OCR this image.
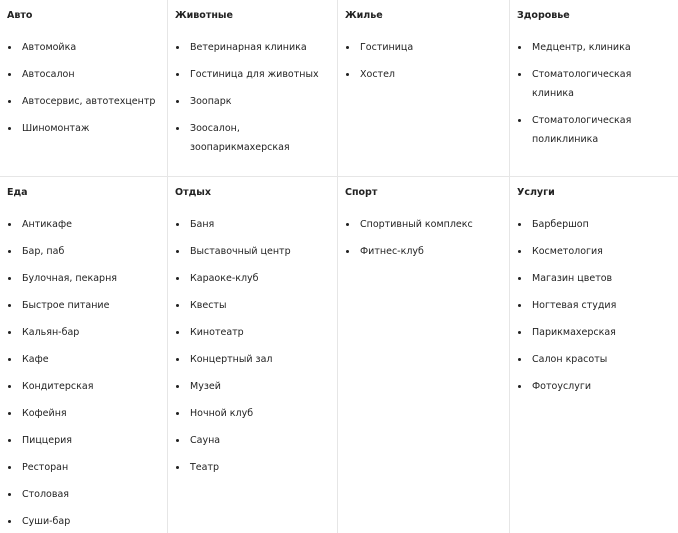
Авто
Автомойка
Автосалон
Автосервис, автотехцентр
Шиномонтаж
Животные
Ветеринарная клиника
Гостиница для животных
Зоопарк
Зоосалон, зоопарикмахерская
Жилье
Гостиница
Хостел
Здоровье
Медцентр, клиника
Стоматологическая клиника
Стоматологическая поликлиника
Еда
Антикафе
Бар, паб
Булочная, пекарня
Быстрое питание
Кальян-бар
Кафе
Кондитерская
Кофейня
Пиццерия
Ресторан
Столовая
Суши-бар
Отдых
Баня
Выставочный центр
Караоке-клуб
Квесты
Кинотеатр
Концертный зал
Музей
Ночной клуб
Сауна
Театр
Спорт
Спортивный комплекс
Фитнес-клуб
Услуги
Барбершоп
Косметология
Магазин цветов
Ногтевая студия
Парикмахерская
Салон красоты
Фотоуслуги
